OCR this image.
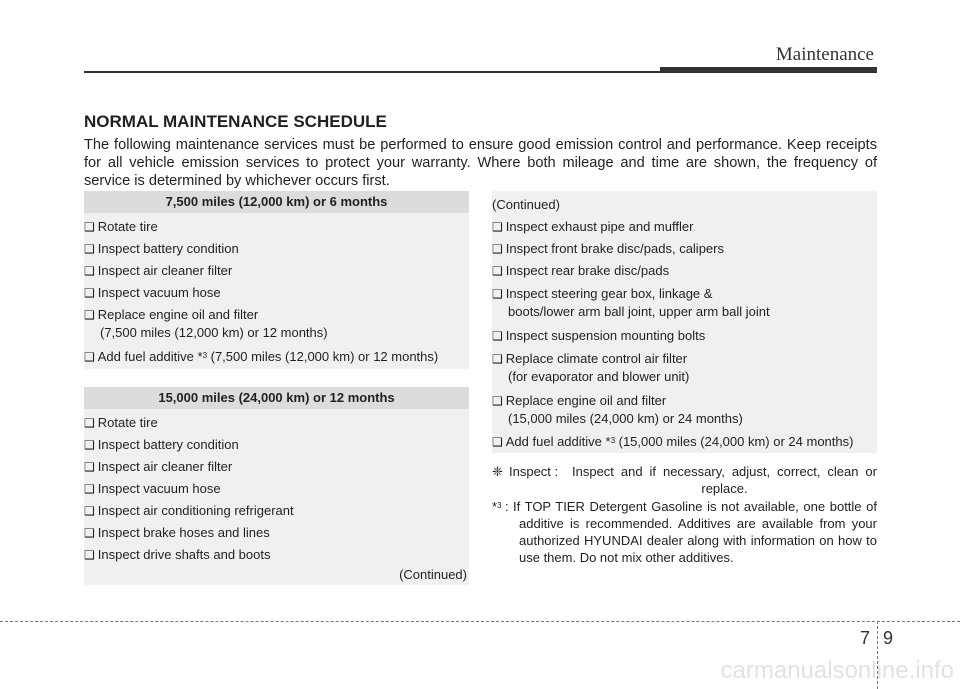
Maintenance
NORMAL MAINTENANCE SCHEDULE

The following maintenance services must be performed to ensure good emission control and performance. Keep receipts for all vehicle emission services to protect your warranty. Where both mileage and time are shown, the frequency of service is determined by whichever occurs first.

7,500 miles (12,000 km) or 6 months
❑ Rotate tire
❑ Inspect battery condition
❑ Inspect air cleaner filter
❑ Inspect vacuum hose
❑ Replace engine oil and filter
(7,500 miles (12,000 km) or 12 months)
❑ Add fuel additive *$^3$ (7,500 miles (12,000 km) or 12 months)
15,000 miles (24,000 km) or 12 months
❑ Rotate tire
❑ Inspect battery condition
❑ Inspect air cleaner filter
❑ Inspect vacuum hose
❑ Inspect air conditioning refrigerant
❑ Inspect brake hoses and lines
❑ Inspect drive shafts and boots
(Continued)
(Continued)
❑ Inspect exhaust pipe and muffler
❑ Inspect front brake disc/pads, calipers
❑ Inspect rear brake disc/pads
❑ Inspect steering gear box, linkage &
boots/lower arm ball joint, upper arm ball joint
❑ Inspect suspension mounting bolts
❑ Replace climate control air filter
(for evaporator and blower unit)
❑ Replace engine oil and filter
(15,000 miles (24,000 km) or 24 months)
❑ Add fuel additive *$^3$ (15,000 miles (24,000 km) or 24 months)
❈ Inspect : Inspect and if necessary, adjust, correct, clean or replace.
*$^3$ : If TOP TIER Detergent Gasoline is not available, one bottle of additive is recommended. Additives are available from your authorized HYUNDAI dealer along with information on how to use them. Do not mix other additives.
7 9
carmanualsonline.info
